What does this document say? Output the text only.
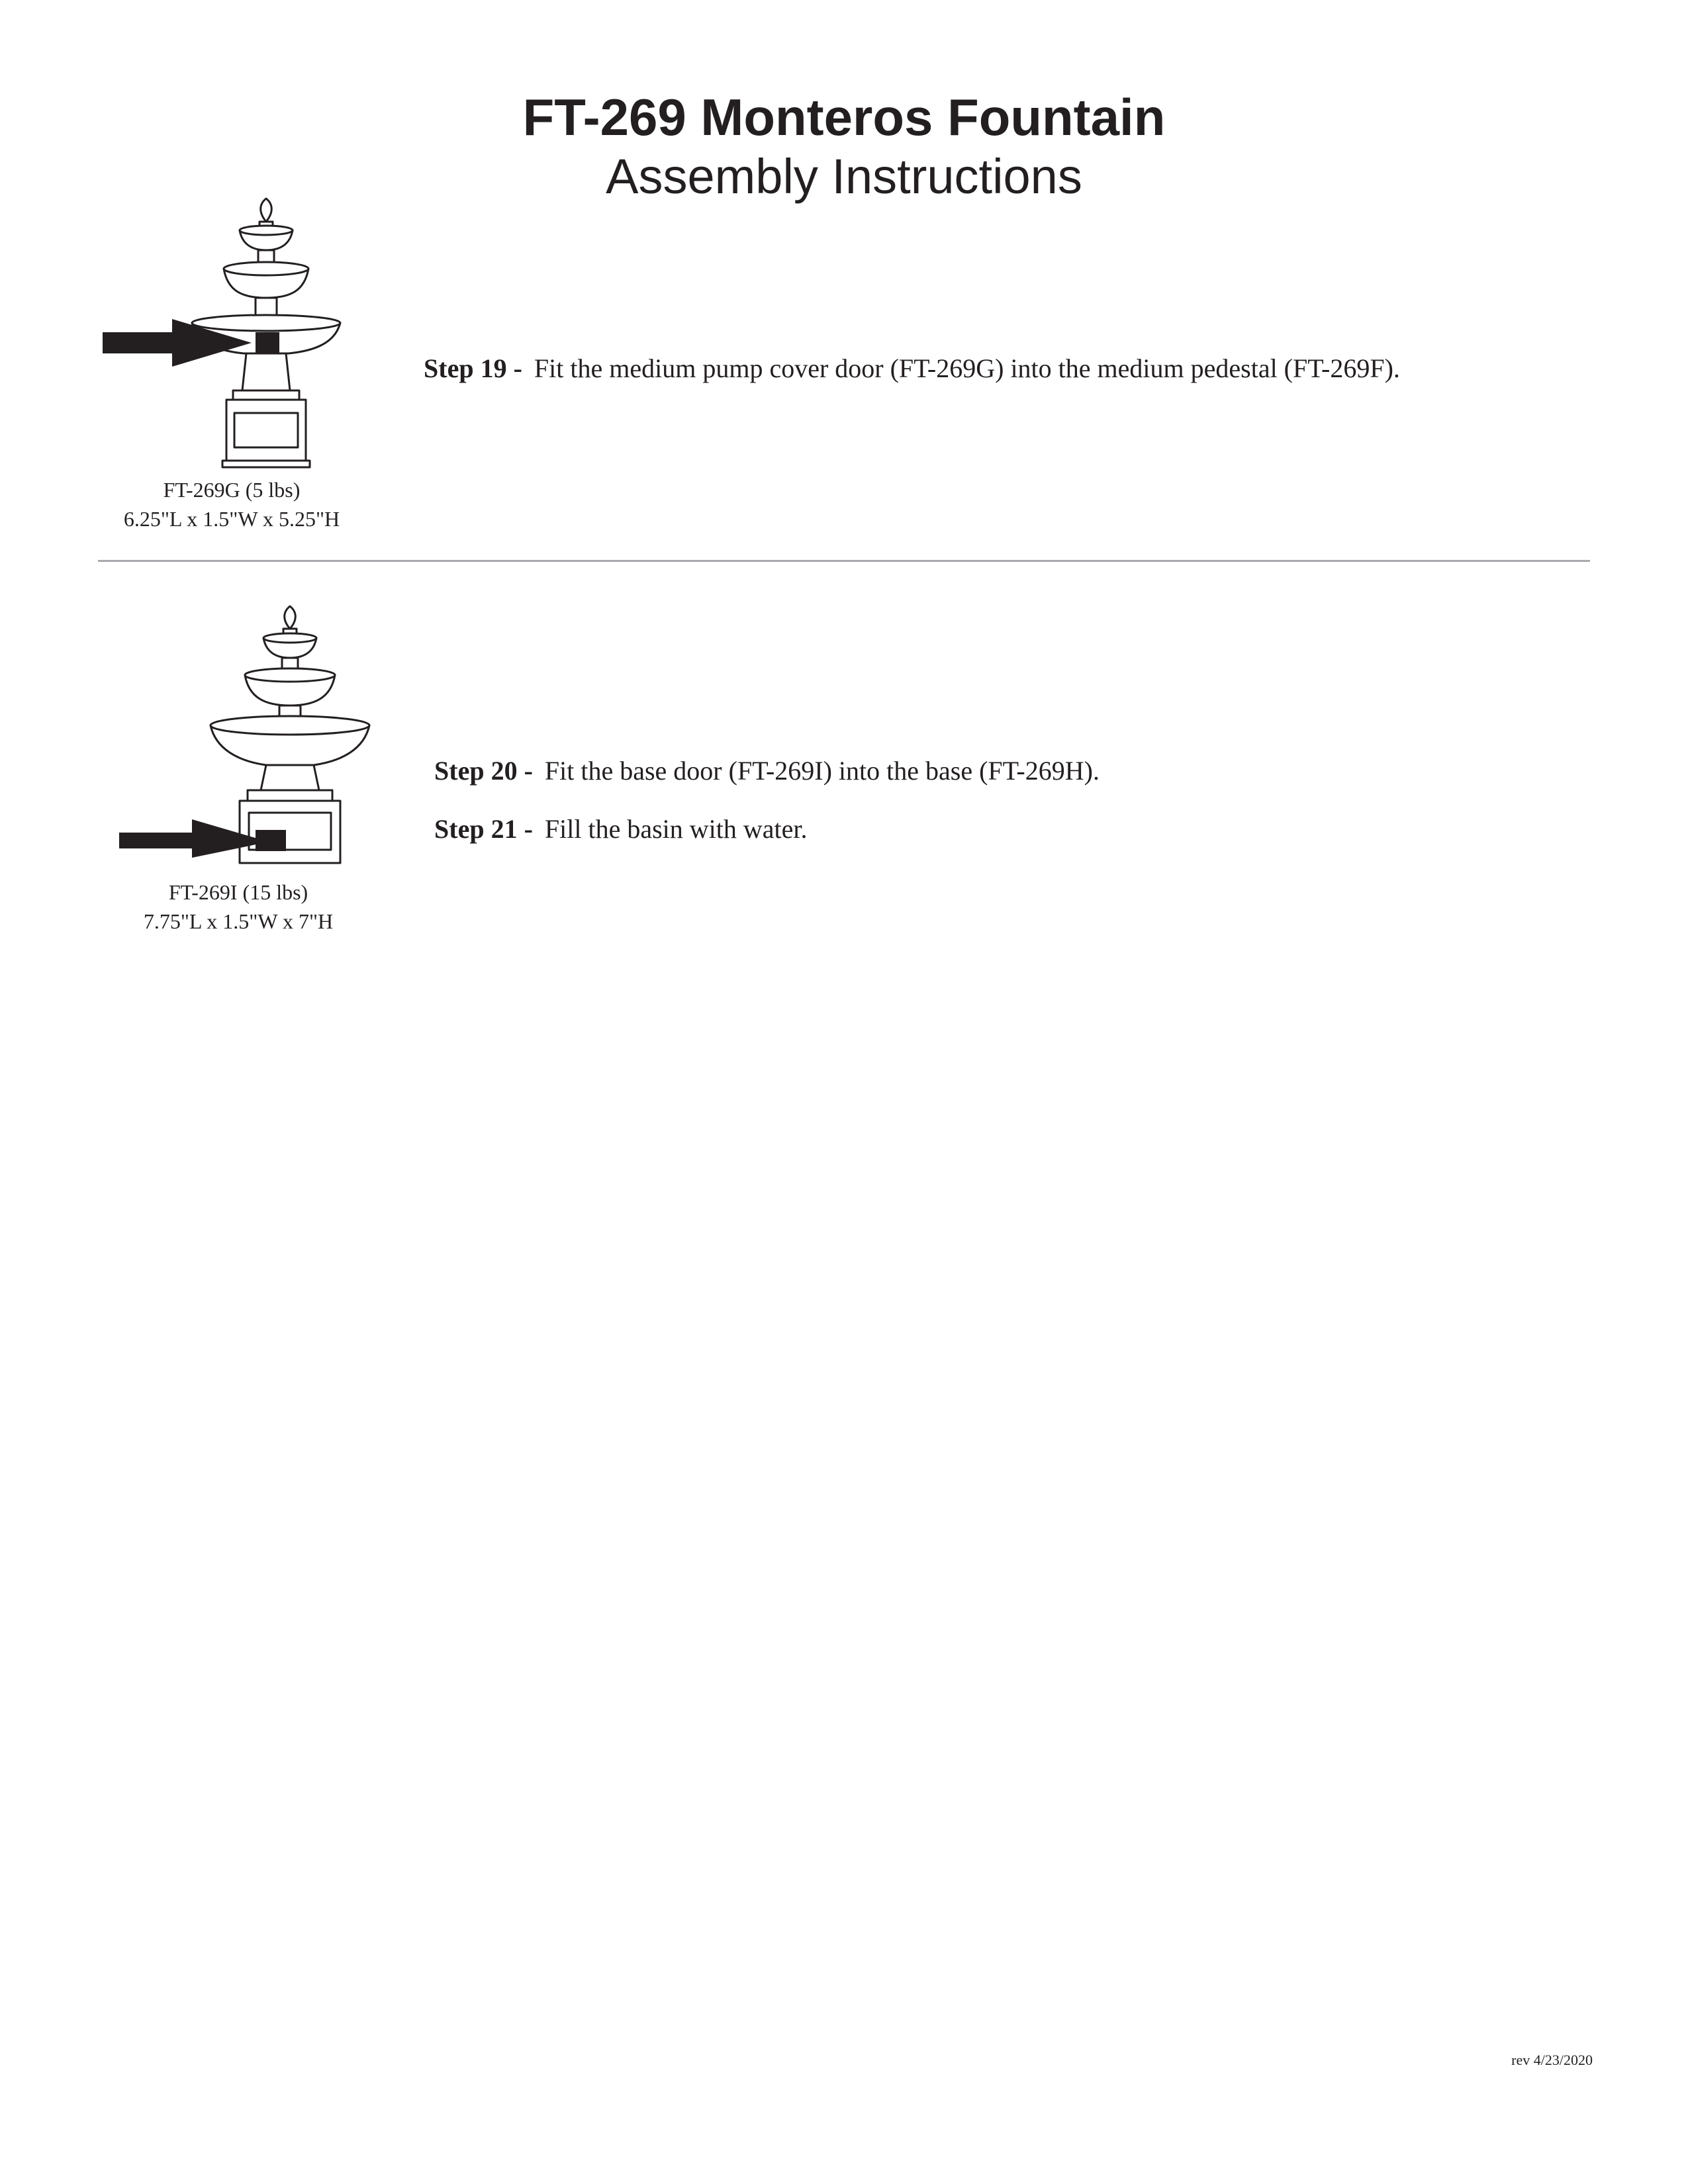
FT-269 Monteros Fountain
Assembly Instructions
FT-269G (5 lbs)
6.25"L x 1.5"W x 5.25"H
Step 19 - Fit the medium pump cover door (FT-269G) into the medium pedestal (FT-269F).
FT-269I (15 lbs)
7.75"L x 1.5"W x 7"H
Step 20 - Fit the base door (FT-269I) into the base (FT-269H).
Step 21 - Fill the basin with water.
rev 4/23/2020
